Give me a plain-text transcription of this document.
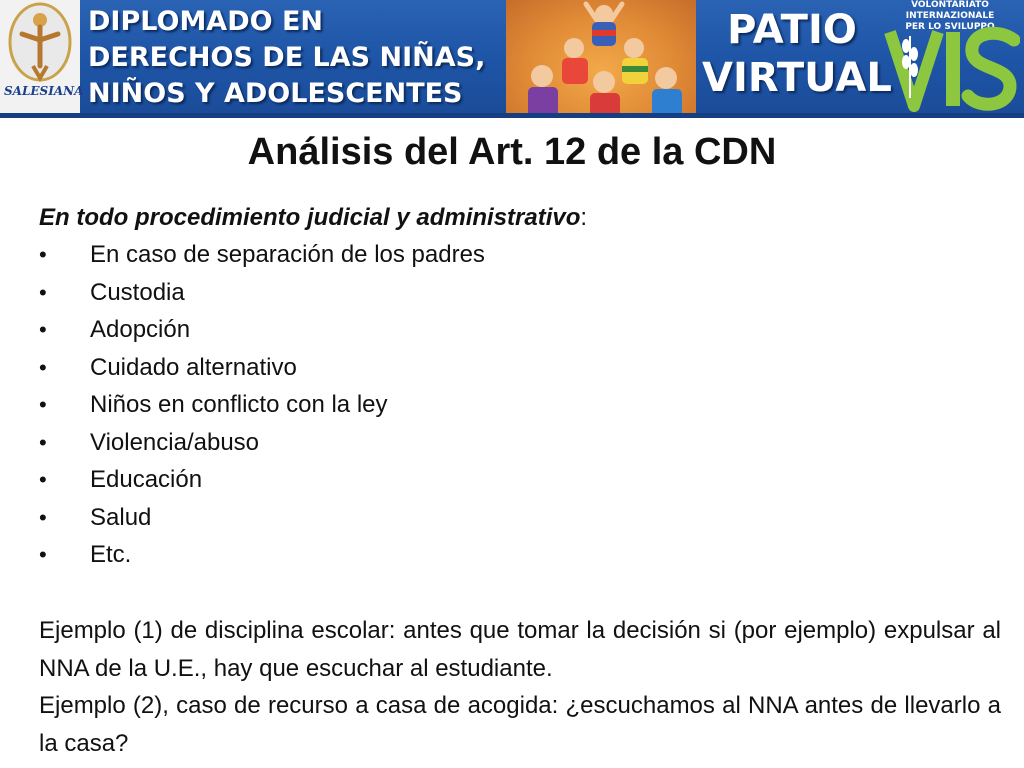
SALESIANA
DIPLOMADO EN
DERECHOS DE LAS NIÑAS,
NIÑOS Y ADOLESCENTES
PATIO
VIRTUAL
VOLONTARIATO INTERNAZIONALE
PER LO SVILUPPO
Análisis del Art. 12 de la CDN
En todo procedimiento judicial y administrativo:
• En caso de separación de los padres
• Custodia
• Adopción
• Cuidado alternativo
• Niños en conflicto con la ley
• Violencia/abuso
• Educación
• Salud
• Etc.

Ejemplo (1) de disciplina escolar: antes que tomar la decisión si (por ejemplo) expulsar al NNA de la U.E., hay que escuchar al estudiante.

Ejemplo (2), caso de recurso a casa de acogida: ¿escuchamos al NNA antes de llevarlo a la casa?
